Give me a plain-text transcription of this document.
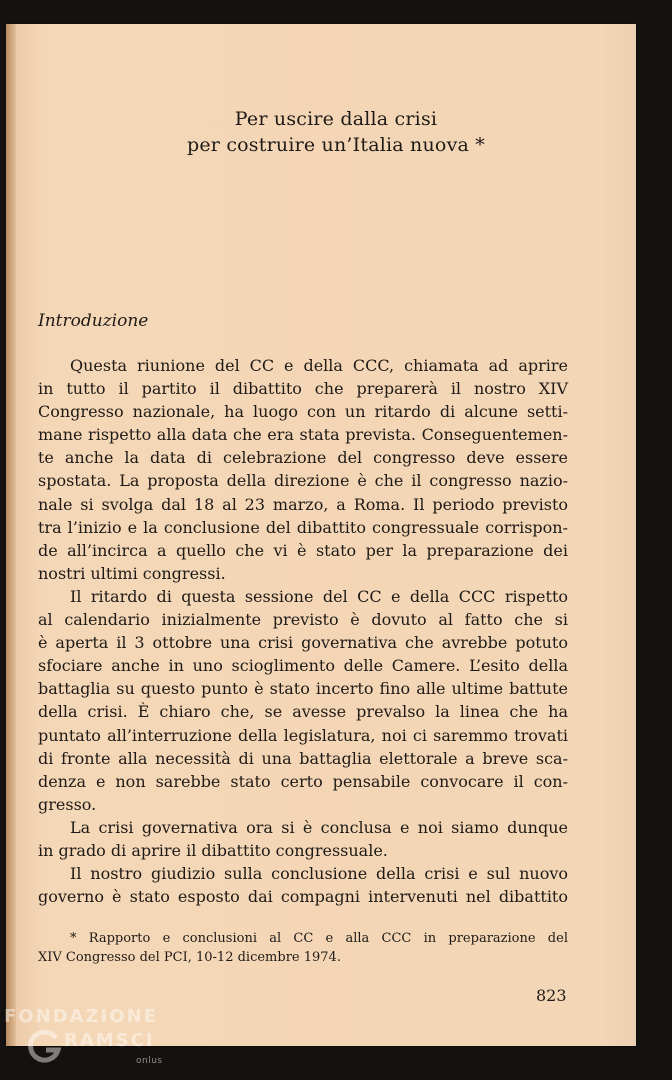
Per uscire dalla crisi
per costruire un’Italia nuova *
Introduzione
Questa riunione del CC e della CCC, chiamata ad aprire
in tutto il partito il dibattito che preparerà il nostro XIV
Congresso nazionale, ha luogo con un ritardo di alcune setti-
mane rispetto alla data che era stata prevista. Conseguentemen-
te anche la data di celebrazione del congresso deve essere
spostata. La proposta della direzione è che il congresso nazio-
nale si svolga dal 18 al 23 marzo, a Roma. Il periodo previsto
tra l’inizio e la conclusione del dibattito congressuale corrispon-
de all’incirca a quello che vi è stato per la preparazione dei
nostri ultimi congressi.
Il ritardo di questa sessione del CC e della CCC rispetto
al calendario inizialmente previsto è dovuto al fatto che si
è aperta il 3 ottobre una crisi governativa che avrebbe potuto
sfociare anche in uno scioglimento delle Camere. L’esito della
battaglia su questo punto è stato incerto fino alle ultime battute
della crisi. È chiaro che, se avesse prevalso la linea che ha
puntato all’interruzione della legislatura, noi ci saremmo trovati
di fronte alla necessità di una battaglia elettorale a breve sca-
denza e non sarebbe stato certo pensabile convocare il con-
gresso.
La crisi governativa ora si è conclusa e noi siamo dunque
in grado di aprire il dibattito congressuale.
Il nostro giudizio sulla conclusione della crisi e sul nuovo
governo è stato esposto dai compagni intervenuti nel dibattito
* Rapporto e conclusioni al CC e alla CCC in preparazione del
XIV Congresso del PCI, 10-12 dicembre 1974.
823
FONDAZIONE
RAMSCI
onlus
